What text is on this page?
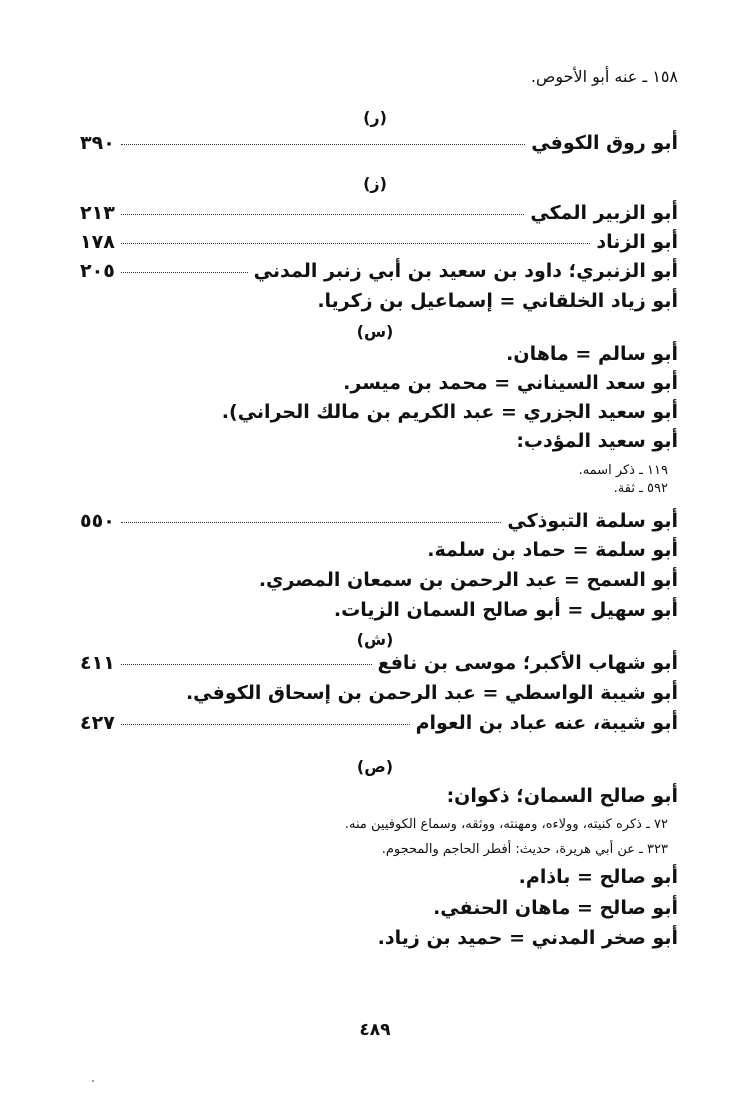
١٥٨ ـ عنه أبو الأحوص.
(ر)
أبو روق الكوفي
٣٩٠
(ز)
أبو الزبير المكي
٢١٣
أبو الزناد
١٧٨
أبو الزنبري؛ داود بن سعيد بن أبي زنبر المدني
٢٠٥
أبو زياد الخلقاني = إسماعيل بن زكريا.
(س)
أبو سالم = ماهان.
أبو سعد السيناني = محمد بن ميسر.
أبو سعيد الجزري = عبد الكريم بن مالك الحراني).
أبو سعيد المؤدب:
١١٩ ـ ذكر اسمه.
٥٩٢ ـ ثقة.
أبو سلمة التبوذكي
٥٥٠
أبو سلمة = حماد بن سلمة.
أبو السمح = عبد الرحمن بن سمعان المصري.
أبو سهيل = أبو صالح السمان الزيات.
(ش)
أبو شهاب الأكبر؛ موسى بن نافع
٤١١
أبو شيبة الواسطي = عبد الرحمن بن إسحاق الكوفي.
أبو شيبة، عنه عباد بن العوام
٤٢٧
(ص)
أبو صالح السمان؛ ذكوان:
٧٢ ـ ذكره كنيته، وولاءه، ومهنته، ووثقه، وسماع الكوفيين منه.
٣٢٣ ـ عن أبي هريرة، حديث: أفطر الحاجم والمحجوم.
أبو صالح = باذام.
أبو صالح = ماهان الحنفي.
أبو صخر المدني = حميد بن زياد.
٤٨٩
